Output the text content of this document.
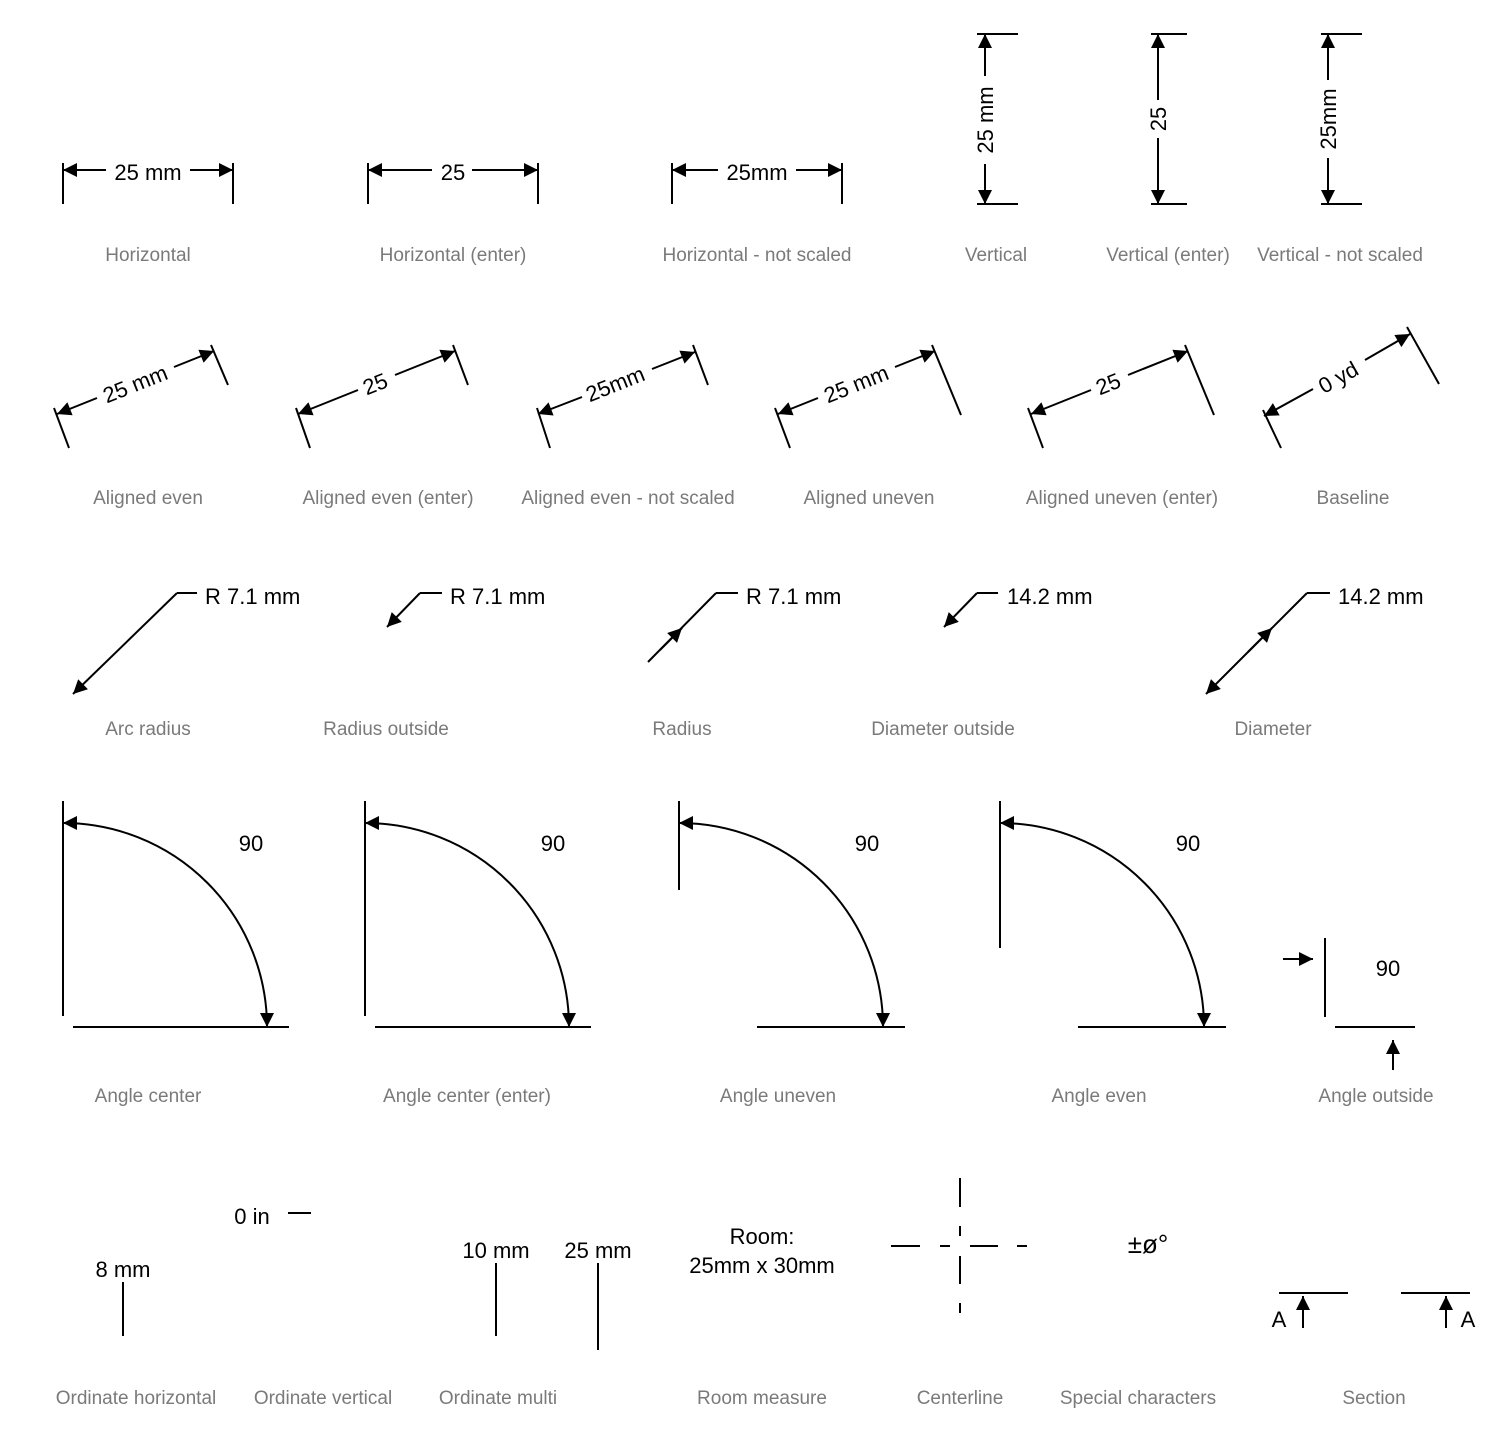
25 mm
Horizontal
25
Horizontal (enter)
25mm
Horizontal - not scaled
25 mm
Vertical
25
Vertical (enter)
25mm
Vertical - not scaled
25 mm
Aligned even
25
Aligned even (enter)
25mm
Aligned even - not scaled
25 mm
Aligned uneven
25
Aligned uneven (enter)
0 yd
Baseline
R 7.1 mm
Arc radius
R 7.1 mm
Radius outside
R 7.1 mm
Radius
14.2 mm
Diameter outside
14.2 mm
Diameter
90
Angle center
90
Angle center (enter)
90
Angle uneven
90
Angle even
90
Angle outside
8 mm
Ordinate horizontal
0 in
Ordinate vertical
10 mm 25 mm
Ordinate multi
Room:
25mm x 30mm
Room measure	Centerline
±ø°
Special characters
A	A
Section
